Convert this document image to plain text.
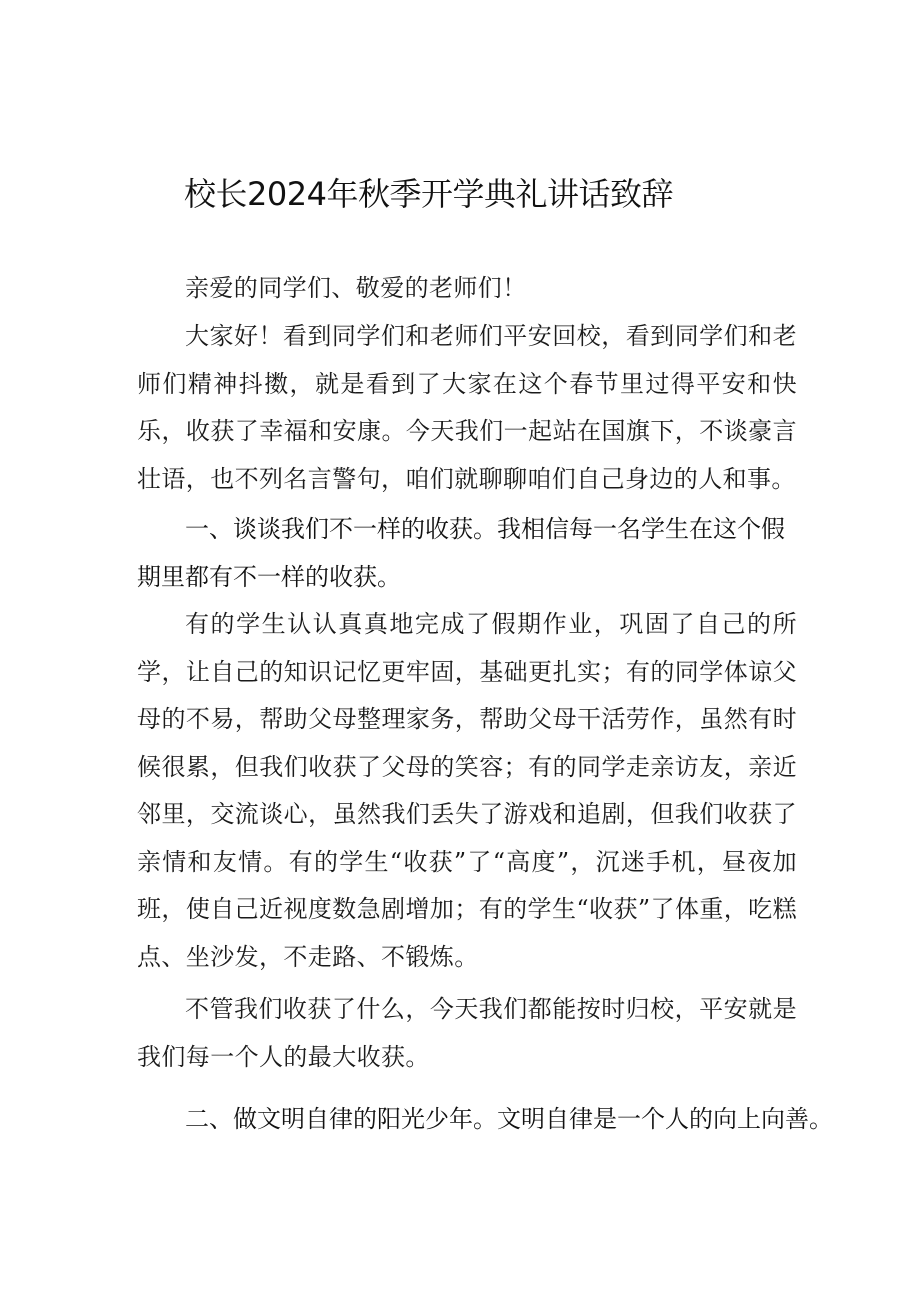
校长2024年秋季开学典礼讲话致辞

亲爱的同学们、敬爱的老师们！

大家好！看到同学们和老师们平安回校，看到同学们和老师们精神抖擞，就是看到了大家在这个春节里过得平安和快乐，收获了幸福和安康。今天我们一起站在国旗下，不谈豪言壮语，也不列名言警句，咱们就聊聊咱们自己身边的人和事。

一、谈谈我们不一样的收获。我相信每一名学生在这个假期里都有不一样的收获。

有的学生认认真真地完成了假期作业，巩固了自己的所学，让自己的知识记忆更牢固，基础更扎实；有的同学体谅父母的不易，帮助父母整理家务，帮助父母干活劳作，虽然有时候很累，但我们收获了父母的笑容；有的同学走亲访友，亲近邻里，交流谈心，虽然我们丢失了游戏和追剧，但我们收获了亲情和友情。有的学生“收获”了“高度”，沉迷手机，昼夜加班，使自己近视度数急剧增加；有的学生“收获”了体重，吃糕点、坐沙发，不走路、不锻炼。

不管我们收获了什么，今天我们都能按时归校，平安就是我们每一个人的最大收获。

二、做文明自律的阳光少年。文明自律是一个人的向上向善。
